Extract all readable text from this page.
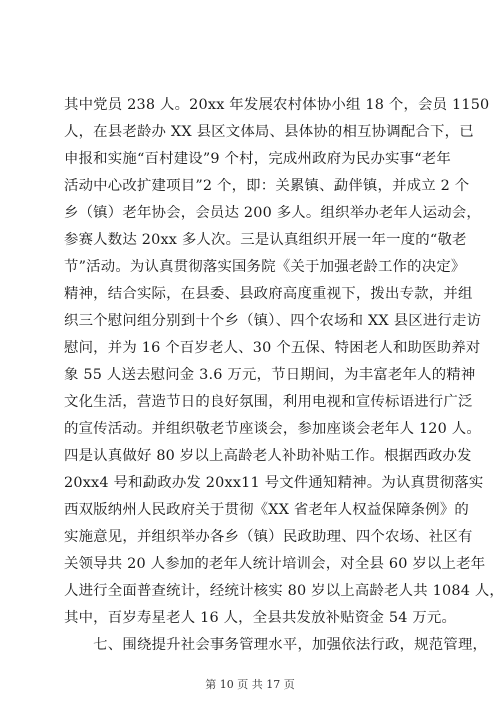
其中党员 238 人。20xx 年发展农村体协小组 18 个，会员 1150
人，在县老龄办 XX 县区文体局、县体协的相互协调配合下，已
申报和实施“百村建设”9 个村，完成州政府为民办实事“老年
活动中心改扩建项目”2 个，即：关累镇、勐伴镇，并成立 2 个
乡（镇）老年协会，会员达 200 多人。组织举办老年人运动会，
参赛人数达 20xx 多人次。三是认真组织开展一年一度的“敬老
节”活动。为认真贯彻落实国务院《关于加强老龄工作的决定》
精神，结合实际，在县委、县政府高度重视下，拨出专款，并组
织三个慰问组分别到十个乡（镇）、四个农场和 XX 县区进行走访
慰问，并为 16 个百岁老人、30 个五保、特困老人和助医助养对
象 55 人送去慰问金 3.6 万元，节日期间，为丰富老年人的精神
文化生活，营造节日的良好氛围，利用电视和宣传标语进行广泛
的宣传活动。并组织敬老节座谈会，参加座谈会老年人 120 人。
四是认真做好 80 岁以上高龄老人补助补贴工作。根据西政办发
20xx4 号和勐政办发 20xx11 号文件通知精神。为认真贯彻落实
西双版纳州人民政府关于贯彻《XX 省老年人权益保障条例》的
实施意见，并组织举办各乡（镇）民政助理、四个农场、社区有
关领导共 20 人参加的老年人统计培训会，对全县 60 岁以上老年
人进行全面普查统计，经统计核实 80 岁以上高龄老人共 1084 人，
其中，百岁寿星老人 16 人，全县共发放补贴资金 54 万元。
　　七、围绕提升社会事务管理水平，加强依法行政，规范管理，
第 10 页 共 17 页
